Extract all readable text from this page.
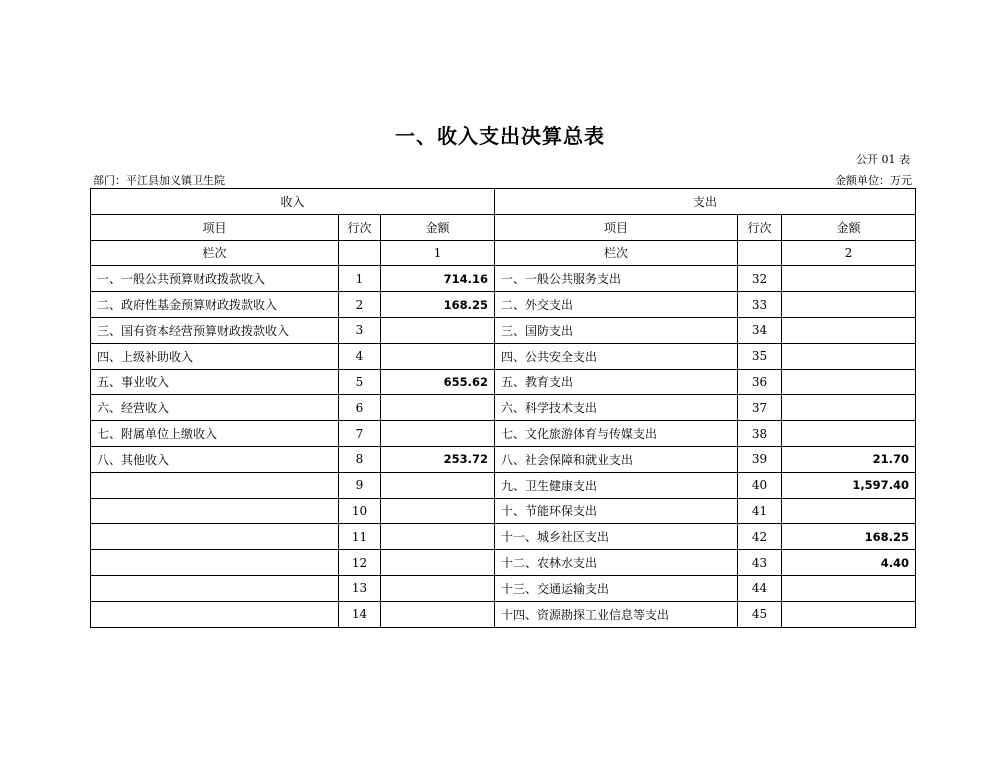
一、收入支出决算总表
公开 01 表
部门：平江县加义镇卫生院	金额单位：万元
收入			支出		
项目	行次	金额	项目	行次	金额
栏次		1	栏次		2
一、一般公共预算财政拨款收入	1	714.16	一、一般公共服务支出	32	
二、政府性基金预算财政拨款收入	2	168.25	二、外交支出	33	
三、国有资本经营预算财政拨款收入	3		三、国防支出	34	
四、上级补助收入	4		四、公共安全支出	35	
五、事业收入	5	655.62	五、教育支出	36	
六、经营收入	6		六、科学技术支出	37	
七、附属单位上缴收入	7		七、文化旅游体育与传媒支出	38	
八、其他收入	8	253.72	八、社会保障和就业支出	39	21.70
	9		九、卫生健康支出	40	1,597.40
	10		十、节能环保支出	41	
	11		十一、城乡社区支出	42	168.25
	12		十二、农林水支出	43	4.40
	13		十三、交通运输支出	44	
	14		十四、资源勘探工业信息等支出	45	
